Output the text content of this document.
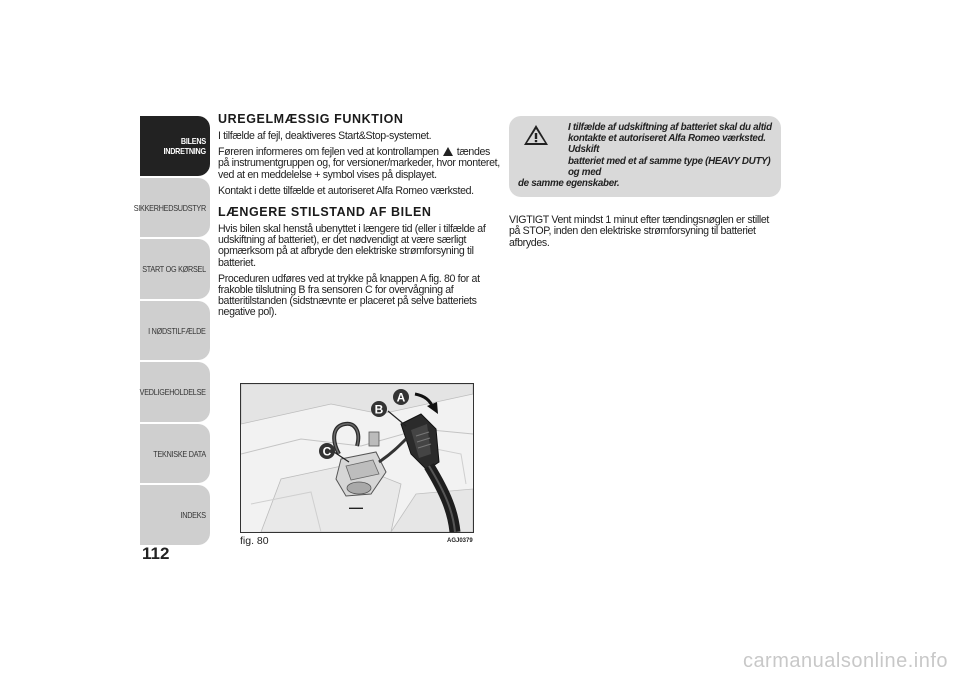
BILENS
INDRETNING
SIKKERHEDSUDSTYR
START OG KØRSEL
I NØDSTILFÆLDE
VEDLIGEHOLDELSE
TEKNISKE DATA
INDEKS
112
UREGELMÆSSIG FUNKTION

I tilfælde af fejl, deaktiveres Start&Stop-systemet.

Føreren informeres om fejlen ved at kontrollampen tændes på instrumentgruppen og, for versioner/markeder, hvor monteret, ved at en meddelelse + symbol vises på displayet.

Kontakt i dette tilfælde et autoriseret Alfa Romeo værksted.

LÆNGERE STILSTAND AF BILEN

Hvis bilen skal henstå ubenyttet i længere tid (eller i tilfælde af udskiftning af batteriet), er det nødvendigt at være særligt opmærksom på at afbryde den elektriske strømforsyning til batteriet.

Proceduren udføres ved at trykke på knappen A fig. 80 for at frakoble tilslutning B fra sensoren C for overvågning af batteritilstanden (sidstnævnte er placeret på selve batteriets negative pol).

I tilfælde af udskiftning af batteriet skal du altid
kontakte et autoriseret Alfa Romeo værksted. Udskift
batteriet med et af samme type (HEAVY DUTY) og med
de samme egenskaber.

VIGTIGT Vent mindst 1 minut efter tændingsnøglen er stillet på STOP, inden den elektriske strømforsyning til batteriet afbrydes.

—
A
B
C
fig. 80	AGJ0379
carmanualsonline.info
